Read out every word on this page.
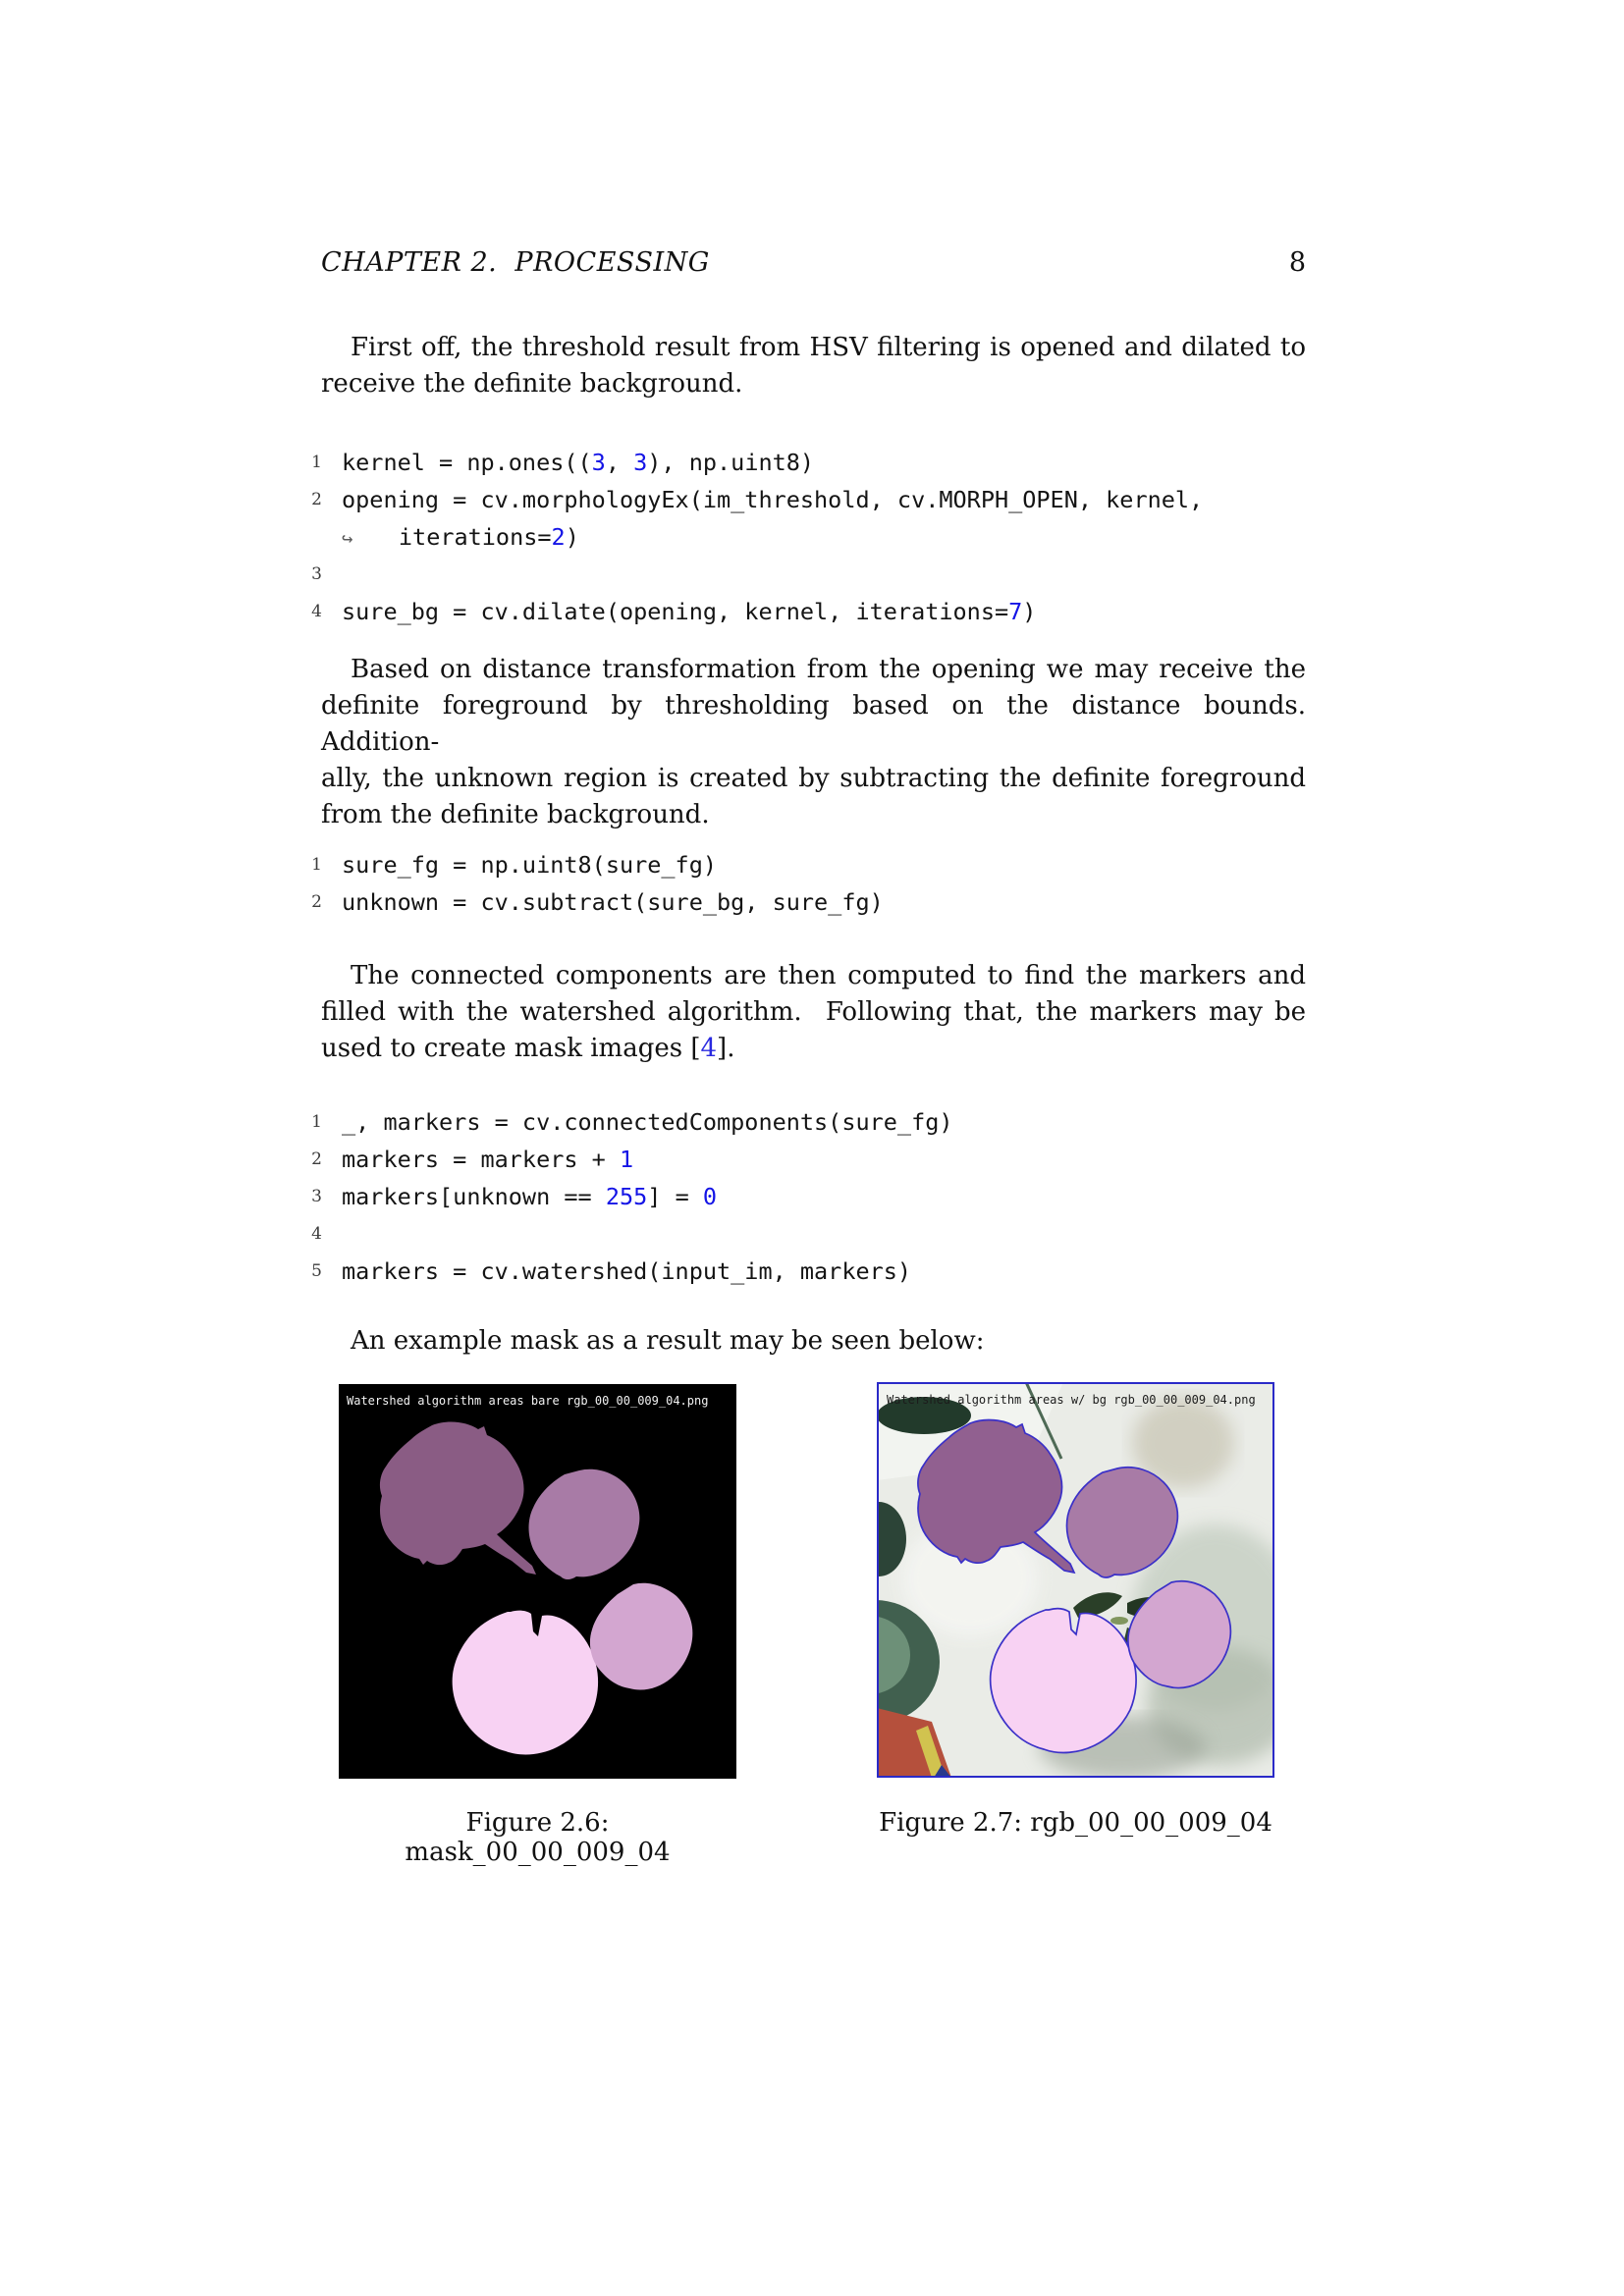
CHAPTER 2.  PROCESSING	8
First off, the threshold result from HSV filtering is opened and dilated to
receive the definite background.
1 kernel = np.ones((3, 3), np.uint8)
2 opening = cv.morphologyEx(im_threshold, cv.MORPH_OPEN, kernel,
↪   iterations=2)
3
4 sure_bg = cv.dilate(opening, kernel, iterations=7)
Based on distance transformation from the opening we may receive the
definite foreground by thresholding based on the distance bounds. Addition-
ally, the unknown region is created by subtracting the definite foreground
from the definite background.
1 sure_fg = np.uint8(sure_fg)
2 unknown = cv.subtract(sure_bg, sure_fg)
The connected components are then computed to find the markers and
filled with the watershed algorithm.  Following that, the markers may be
used to create mask images [4].
1 _, markers = cv.connectedComponents(sure_fg)
2 markers = markers + 1
3 markers[unknown == 255] = 0
4
5 markers = cv.watershed(input_im, markers)
An example mask as a result may be seen below:
Watershed algorithm areas bare rgb_00_00_009_04.png	Watershed algorithm areas w/ bg rgb_00_00_009_04.png
Figure 2.6: mask_00_00_009_04
Figure 2.7: rgb_00_00_009_04
